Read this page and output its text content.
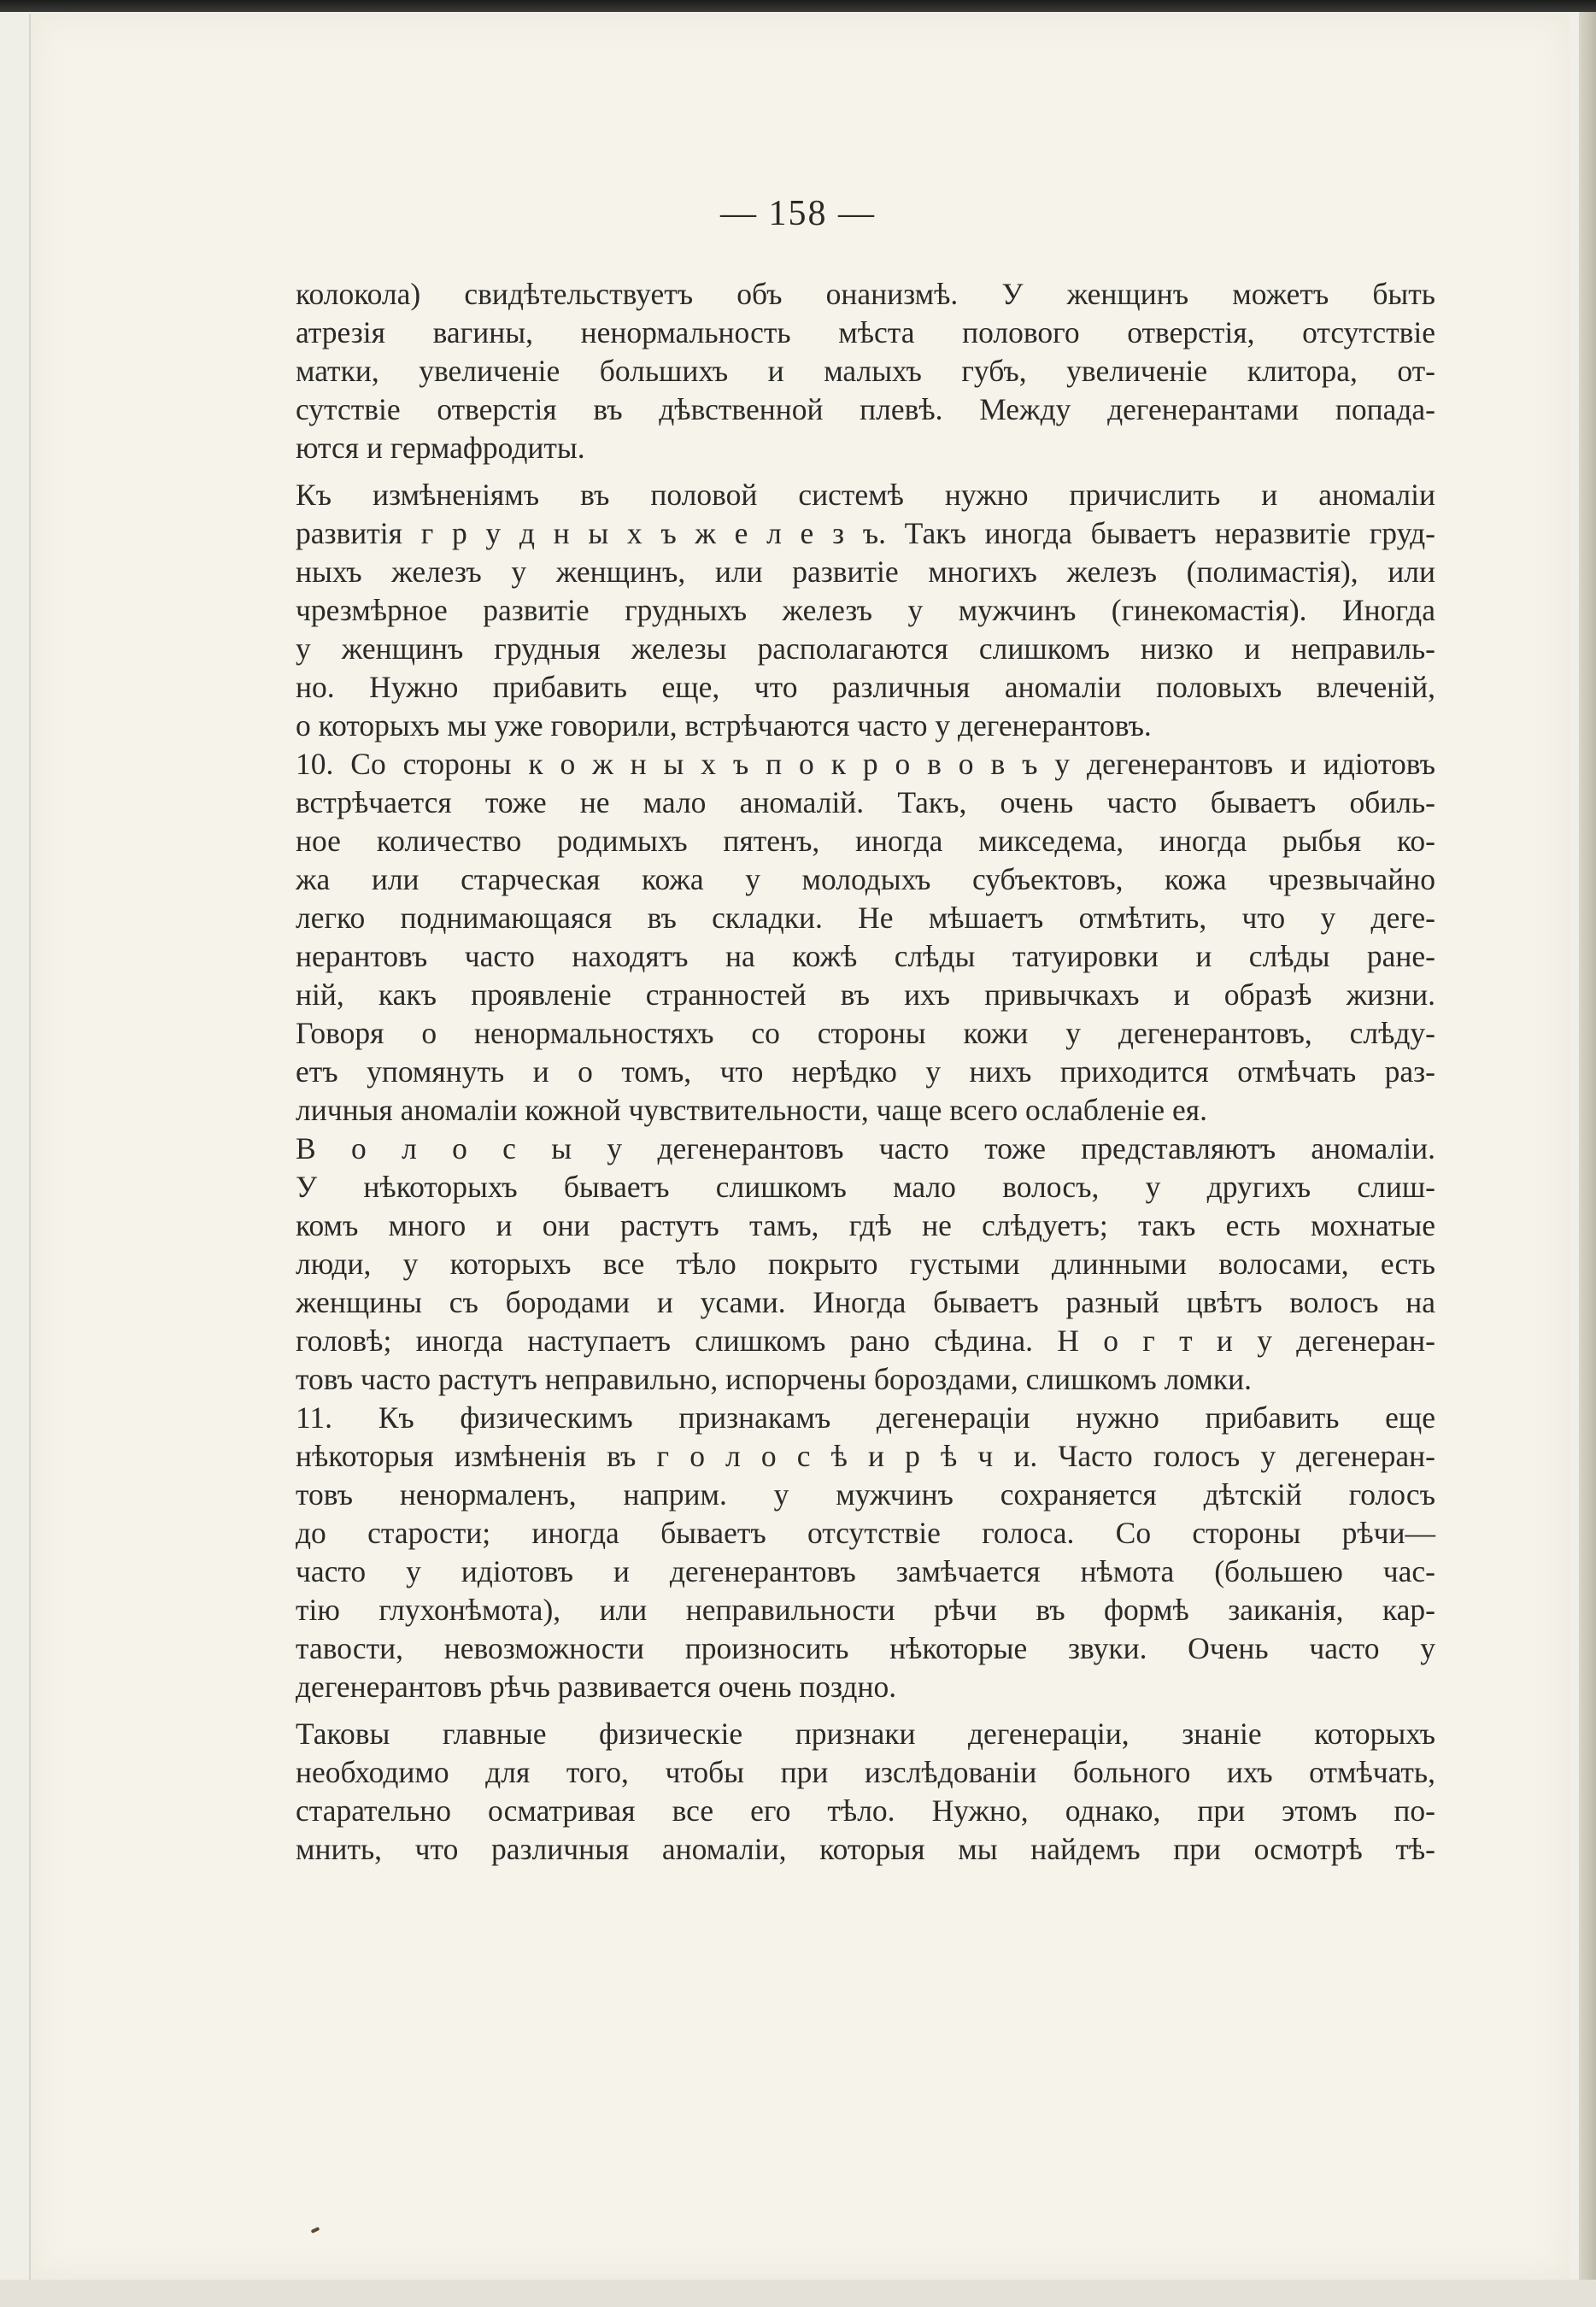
— 158 —
колокола) свидѣтельствуетъ объ онанизмѣ. У женщинъ можетъ быть
атрезія вагины, ненормальность мѣста полового отверстія, отсутствіе
матки, увеличеніе большихъ и малыхъ губъ, увеличеніе клитора, от-
сутствіе отверстія въ дѣвственной плевѣ. Между дегенерантами попада-
ются и гермафродиты.
Къ измѣненіямъ въ половой системѣ нужно причислить и аномаліи
развитія г р у д н ы х ъ ж е л е з ъ. Такъ иногда бываетъ неразвитіе груд-
ныхъ железъ у женщинъ, или развитіе многихъ железъ (полимастія), или
чрезмѣрное развитіе грудныхъ железъ у мужчинъ (гинекомастія). Иногда
у женщинъ грудныя железы располагаются слишкомъ низко и неправиль-
но. Нужно прибавить еще, что различныя аномаліи половыхъ влеченій,
о которыхъ мы уже говорили, встрѣчаются часто у дегенерантовъ.
10. Со стороны к о ж н ы х ъ п о к р о в о в ъ у дегенерантовъ и идіотовъ
встрѣчается тоже не мало аномалій. Такъ, очень часто бываетъ обиль-
ное количество родимыхъ пятенъ, иногда микседема, иногда рыбья ко-
жа или старческая кожа у молодыхъ субъектовъ, кожа чрезвычайно
легко поднимающаяся въ складки. Не мѣшаетъ отмѣтить, что у деге-
нерантовъ часто находятъ на кожѣ слѣды татуировки и слѣды ране-
ній, какъ проявленіе странностей въ ихъ привычкахъ и образѣ жизни.
Говоря о ненормальностяхъ со стороны кожи у дегенерантовъ, слѣду-
етъ упомянуть и о томъ, что нерѣдко у нихъ приходится отмѣчать раз-
личныя аномаліи кожной чувствительности, чаще всего ослабленіе ея.
В о л о с ы у дегенерантовъ часто тоже представляютъ аномаліи.
У нѣкоторыхъ бываетъ слишкомъ мало волосъ, у другихъ слиш-
комъ много и они растутъ тамъ, гдѣ не слѣдуетъ; такъ есть мохнатые
люди, у которыхъ все тѣло покрыто густыми длинными волосами, есть
женщины съ бородами и усами. Иногда бываетъ разный цвѣтъ волосъ на
головѣ; иногда наступаетъ слишкомъ рано сѣдина. Н о г т и у дегенеран-
товъ часто растутъ неправильно, испорчены бороздами, слишкомъ ломки.
11. Къ физическимъ признакамъ дегенераціи нужно прибавить еще
нѣкоторыя измѣненія въ г о л о с ѣ и р ѣ ч и. Часто голосъ у дегенеран-
товъ ненормаленъ, наприм. у мужчинъ сохраняется дѣтскій голосъ
до старости; иногда бываетъ отсутствіе голоса. Со стороны рѣчи—
часто у идіотовъ и дегенерантовъ замѣчается нѣмота (большею час-
тію глухонѣмота), или неправильности рѣчи въ формѣ заиканія, кар-
тавости, невозможности произносить нѣкоторые звуки. Очень часто у
дегенерантовъ рѣчь развивается очень поздно.
Таковы главные физическіе признаки дегенераціи, знаніе которыхъ
необходимо для того, чтобы при изслѣдованіи больного ихъ отмѣчать,
старательно осматривая все его тѣло. Нужно, однако, при этомъ по-
мнить, что различныя аномаліи, которыя мы найдемъ при осмотрѣ тѣ-
